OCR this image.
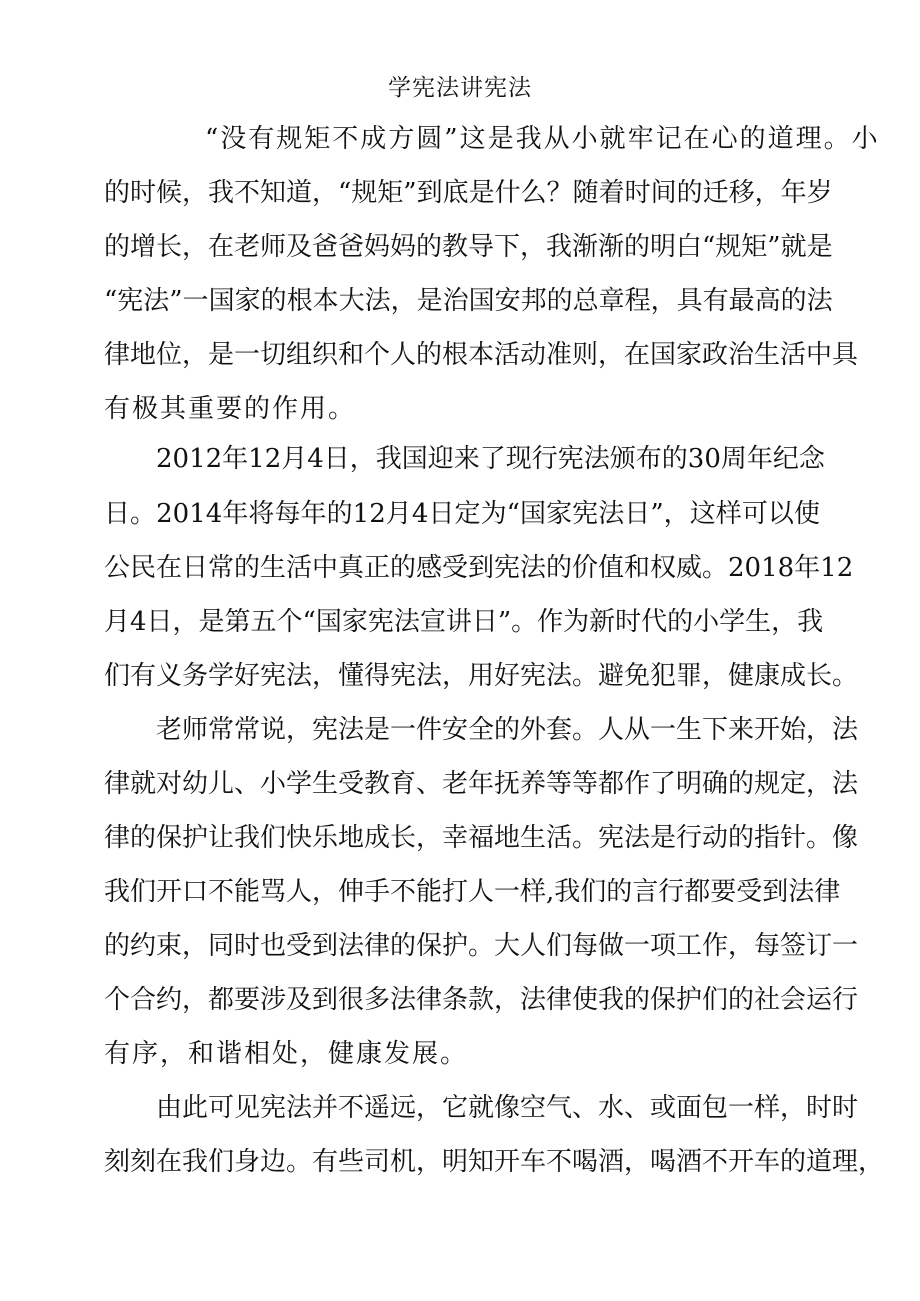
学宪法讲宪法
“没有规矩不成方圆”这是我从小就牢记在心的道理。小
的时候，我不知道，“规矩”到底是什么？随着时间的迁移，年岁
的增长，在老师及爸爸妈妈的教导下，我渐渐的明白“规矩”就是
“宪法”一国家的根本大法，是治国安邦的总章程，具有最高的法
律地位，是一切组织和个人的根本活动准则，在国家政治生活中具
有极其重要的作用。
2012年12月4日，我国迎来了现行宪法颁布的30周年纪念
日。2014年将每年的12月4日定为“国家宪法日”，这样可以使
公民在日常的生活中真正的感受到宪法的价值和权威。2018年12
月4日，是第五个“国家宪法宣讲日”。作为新时代的小学生，我
们有义务学好宪法，懂得宪法，用好宪法。避免犯罪，健康成长。
老师常常说，宪法是一件安全的外套。人从一生下来开始，法
律就对幼儿、小学生受教育、老年抚养等等都作了明确的规定，法
律的保护让我们快乐地成长，幸福地生活。宪法是行动的指针。像
我们开口不能骂人，伸手不能打人一样,我们的言行都要受到法律
的约束，同时也受到法律的保护。大人们每做一项工作，每签订一
个合约，都要涉及到很多法律条款，法律使我的保护们的社会运行
有序，和谐相处，健康发展。
由此可见宪法并不遥远，它就像空气、水、或面包一样，时时
刻刻在我们身边。有些司机，明知开车不喝酒，喝酒不开车的道理，
